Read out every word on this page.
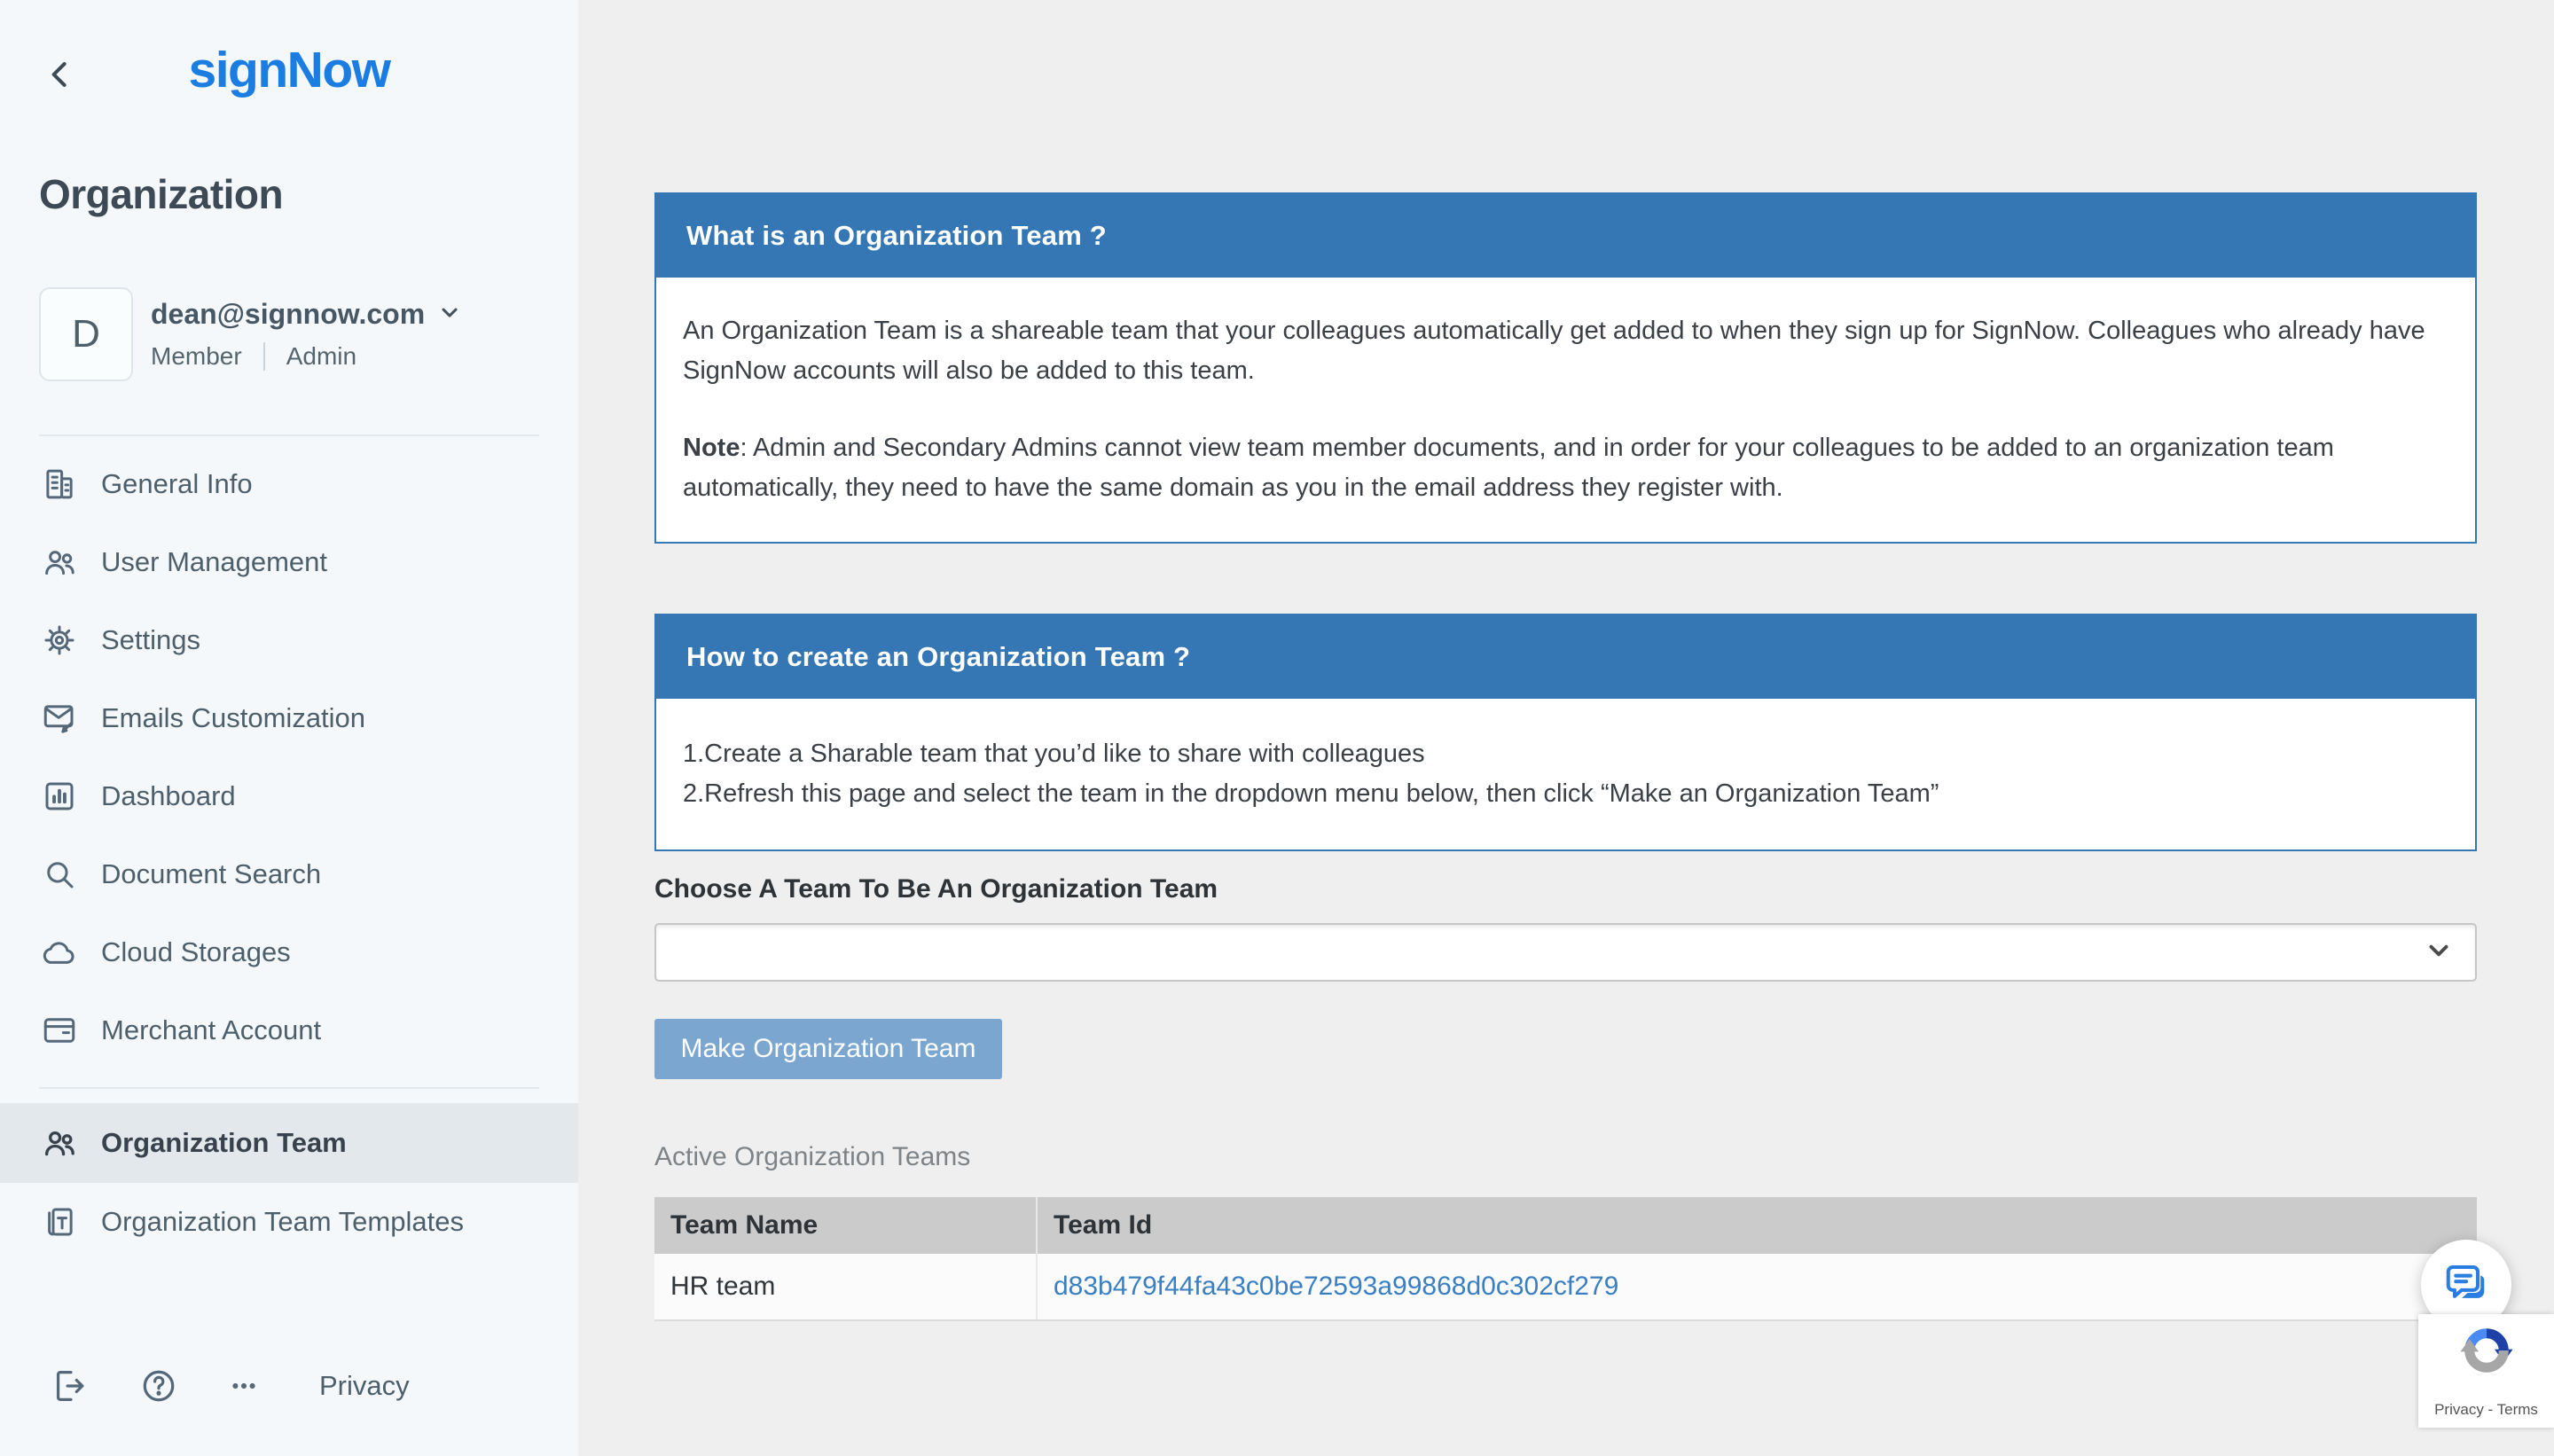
signNow
Organization
D dean@signnow.com
Member Admin
General Info
User Management
Settings
Emails Customization
Dashboard
Document Search
Cloud Storages
Merchant Account
Organization Team
Organization Team Templates
Privacy
What is an Organization Team ?

An Organization Team is a shareable team that your colleagues automatically get added to when they sign up for SignNow. Colleagues who already have SignNow accounts will also be added to this team.

Note: Admin and Secondary Admins cannot view team member documents, and in order for your colleagues to be added to an organization team automatically, they need to have the same domain as you in the email address they register with.

How to create an Organization Team ?
1.Create a Sharable team that you’d like to share with colleagues
2.Refresh this page and select the team in the dropdown menu below, then click “Make an Organization Team”
Choose A Team To Be An Organization Team
Make Organization Team
Active Organization Teams
Team Name	Team Id
HR team	d83b479f44fa43c0be72593a99868d0c302cf279
Privacy - Terms
